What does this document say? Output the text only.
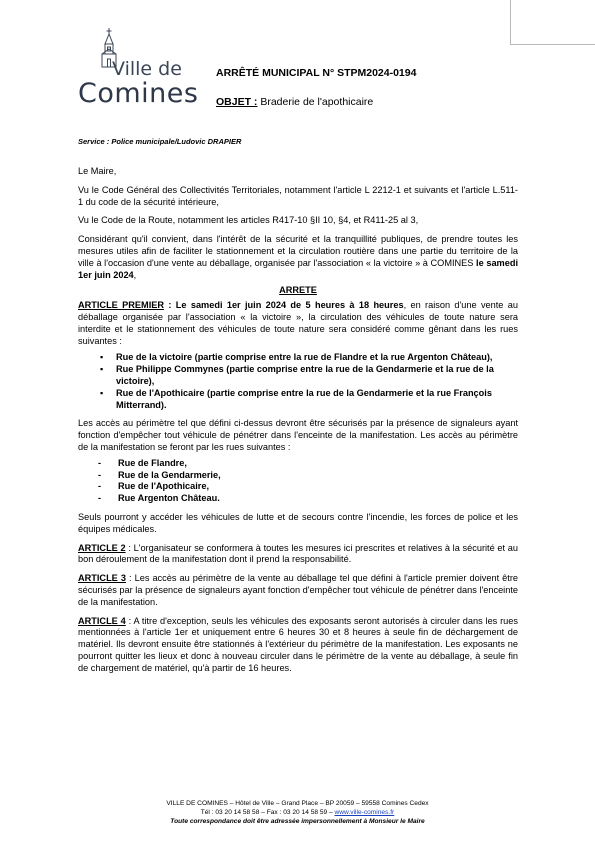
Ville de
Comines
ARRÊTÉ MUNICIPAL N° STPM2024-0194
OBJET : Braderie de l'apothicaire
Service : Police municipale/Ludovic DRAPIER

Le Maire,

Vu le Code Général des Collectivités Territoriales, notamment l'article L 2212-1 et suivants et l'article L.511-1 du code de la sécurité intérieure,

Vu le Code de la Route, notamment les articles R417-10 §II 10, §4, et R411-25 al 3,

Considérant qu'il convient, dans l'intérêt de la sécurité et la tranquillité publiques, de prendre toutes les mesures utiles afin de faciliter le stationnement et la circulation routière dans une partie du territoire de la ville à l'occasion d'une vente au déballage, organisée par l'association « la victoire » à COMINES le samedi 1er juin 2024,

ARRETE

ARTICLE PREMIER : Le samedi 1er juin 2024 de 5 heures à 18 heures, en raison d'une vente au déballage organisée par l'association « la victoire », la circulation des véhicules de toute nature sera interdite et le stationnement des véhicules de toute nature sera considéré comme gênant dans les rues suivantes :

▪ Rue de la victoire (partie comprise entre la rue de Flandre et la rue Argenton Château),
▪ Rue Philippe Commynes (partie comprise entre la rue de la Gendarmerie et la rue de la victoire),
▪ Rue de l'Apothicaire (partie comprise entre la rue de la Gendarmerie et la rue François Mitterrand).

Les accès au périmètre tel que défini ci-dessus devront être sécurisés par la présence de signaleurs ayant fonction d'empêcher tout véhicule de pénétrer dans l'enceinte de la manifestation. Les accès au périmètre de la manifestation se feront par les rues suivantes :

- Rue de Flandre,
- Rue de la Gendarmerie,
- Rue de l'Apothicaire,
- Rue Argenton Château.

Seuls pourront y accéder les véhicules de lutte et de secours contre l'incendie, les forces de police et les équipes médicales.

ARTICLE 2 : L'organisateur se conformera à toutes les mesures ici prescrites et relatives à la sécurité et au bon déroulement de la manifestation dont il prend la responsabilité.

ARTICLE 3 : Les accès au périmètre de la vente au déballage tel que défini à l'article premier doivent être sécurisés par la présence de signaleurs ayant fonction d'empêcher tout véhicule de pénétrer dans l'enceinte de la manifestation.

ARTICLE 4 : A titre d'exception, seuls les véhicules des exposants seront autorisés à circuler dans les rues mentionnées à l'article 1er et uniquement entre 6 heures 30 et 8 heures à seule fin de déchargement de matériel. Ils devront ensuite être stationnés à l'extérieur du périmètre de la manifestation. Les exposants ne pourront quitter les lieux et donc à nouveau circuler dans le périmètre de la vente au déballage, à seule fin de chargement de matériel, qu'à partir de 16 heures.

VILLE DE COMINES – Hôtel de Ville – Grand Place – BP 20059 – 59558 Comines Cedex
Tél : 03 20 14 58 58 – Fax : 03 20 14 58 59 – www.ville-comines.fr
Toute correspondance doit être adressée impersonnellement à Monsieur le Maire
